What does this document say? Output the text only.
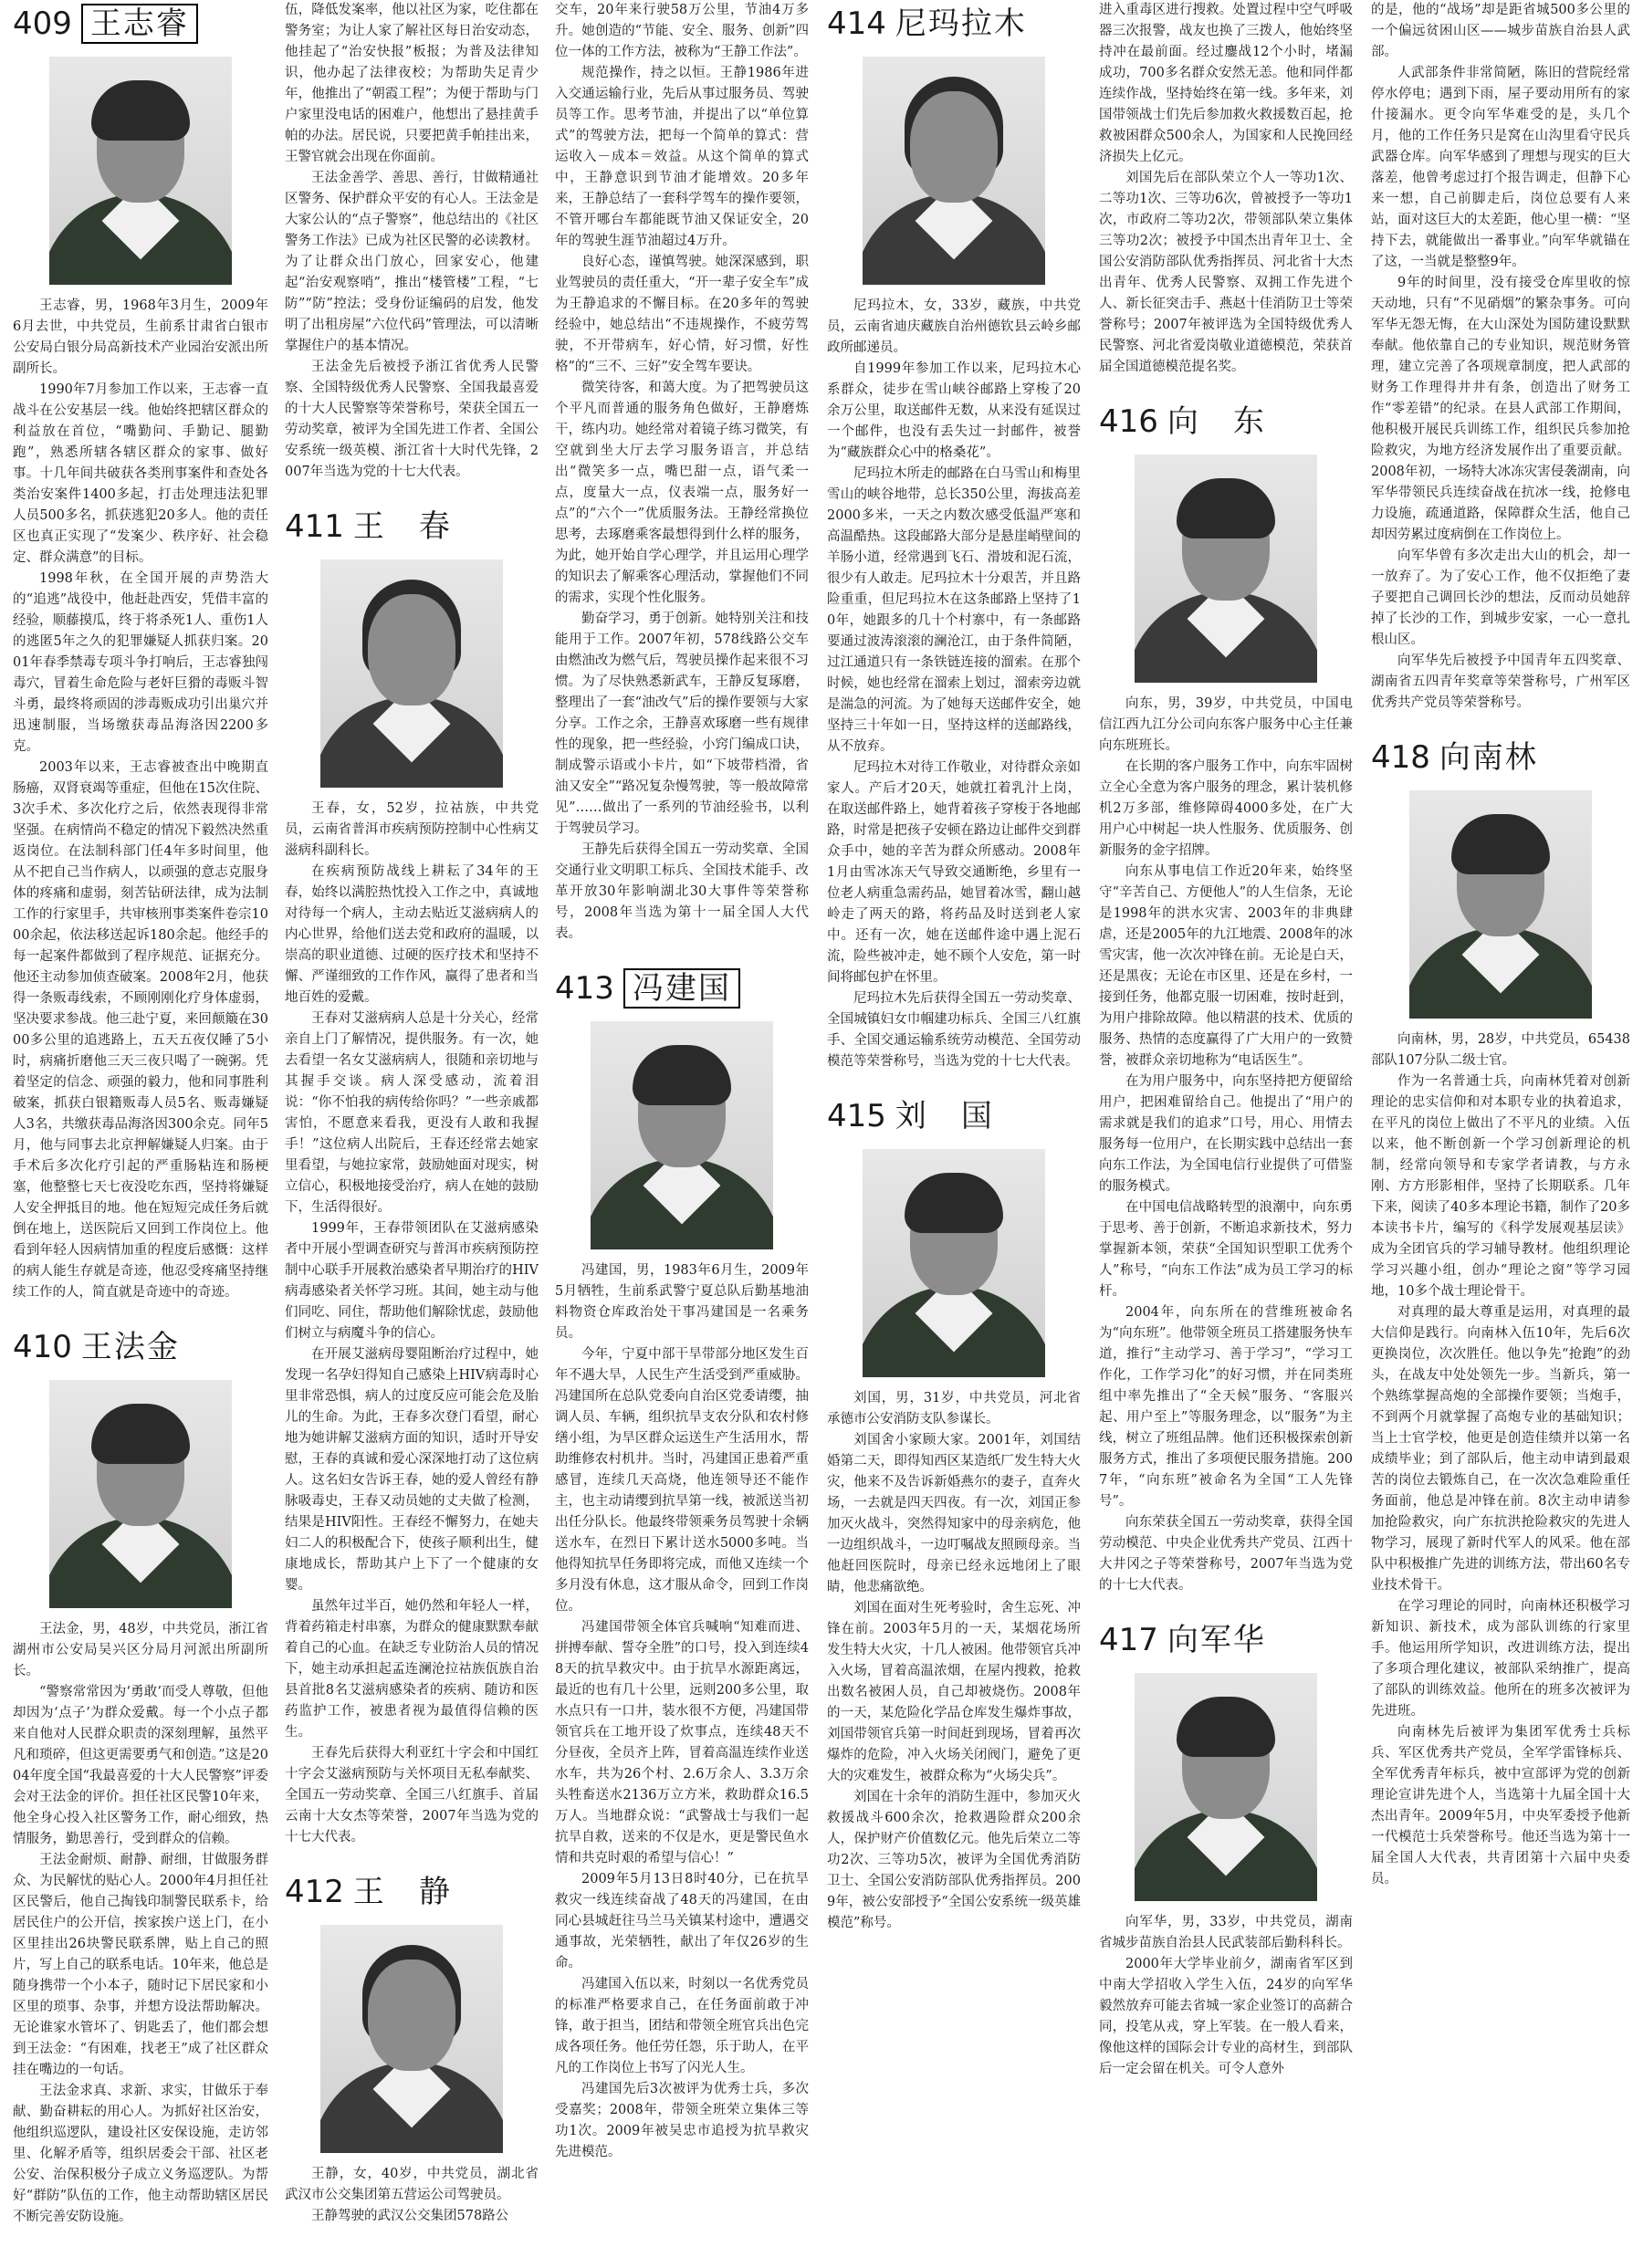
409 王志睿

王志睿，男，1968年3月生，2009年6月去世，中共党员，生前系甘肃省白银市公安局白银分局高新技术产业园治安派出所副所长。

1990年7月参加工作以来，王志睿一直战斗在公安基层一线。他始终把辖区群众的利益放在首位，“嘴勤问、手勤记、腿勤跑”，熟悉所辖各辖区群众的家事、做好事。十几年间共破获各类刑事案件和查处各类治安案件1400多起，打击处理违法犯罪人员500多名，抓获逃犯20多人。他的责任区也真正实现了“发案少、秩序好、社会稳定、群众满意”的目标。

1998年秋，在全国开展的声势浩大的“追逃”战役中，他赶赴西安，凭借丰富的经验，顺藤摸瓜，终于将杀死1人、重伤1人的逃匿5年之久的犯罪嫌疑人抓获归案。2001年春季禁毒专项斗争打响后，王志睿独闯毒穴，冒着生命危险与老奸巨猾的毒贩斗智斗勇，最终将顽固的涉毒贩成功引出巢穴并迅速制服，当场缴获毒品海洛因2200多克。

2003年以来，王志睿被查出中晚期直肠癌，双肾衰竭等重症，但他在15次住院、3次手术、多次化疗之后，依然表现得非常坚强。在病情尚不稳定的情况下毅然决然重返岗位。在法制科部门任4年多时间里，他从不把自己当作病人，以顽强的意志克服身体的疼痛和虚弱，刻苦钻研法律，成为法制工作的行家里手，共审核刑事类案件卷宗1000余起，依法移送起诉180余起。他经手的每一起案件都做到了程序规范、证据充分。他还主动参加侦查破案。2008年2月，他获得一条贩毒线索，不顾刚刚化疗身体虚弱，坚决要求参战。他三赴宁夏，来回颠簸在3000多公里的追逃路上，五天五夜仅睡了5小时，病痛折磨他三天三夜只喝了一碗粥。凭着坚定的信念、顽强的毅力，他和同事胜利破案，抓获白银籍贩毒人员5名、贩毒嫌疑人3名，共缴获毒品海洛因300余克。同年5月，他与同事去北京押解嫌疑人归案。由于手术后多次化疗引起的严重肠粘连和肠梗塞，他整整七天七夜没吃东西，坚持将嫌疑人安全押抵目的地。他在短短完成任务后就倒在地上，送医院后又回到工作岗位上。他看到年轻人因病情加重的程度后感慨：这样的病人能生存就是奇迹，他忍受疼痛坚持继续工作的人，简直就是奇迹中的奇迹。

410 王法金

王法金，男，48岁，中共党员，浙江省湖州市公安局吴兴区分局月河派出所副所长。

“警察常常因为‘勇敢’而受人尊敬，但他却因为‘点子’为群众爱戴。每一个小点子都来自他对人民群众职责的深刻理解，虽然平凡和琐碎，但这更需要勇气和创造。”这是2004年度全国“我最喜爱的十大人民警察”评委会对王法金的评价。担任社区民警10年来，他全身心投入社区警务工作，耐心细致，热情服务，勤思善行，受到群众的信赖。

王法金耐烦、耐静、耐细，甘做服务群众、为民解忧的贴心人。2000年4月担任社区民警后，他自己掏钱印制警民联系卡，给居民住户的公开信，挨家挨户送上门，在小区里挂出26块警民联系牌，贴上自己的照片，写上自己的联系电话。10年来，他总是随身携带一个小本子，随时记下居民家和小区里的琐事、杂事，并想方设法帮助解决。无论谁家水管坏了、钥匙丢了，他们都会想到王法金：“有困难，找老王”成了社区群众挂在嘴边的一句话。

王法金求真、求新、求实，甘做乐于奉献、勤奋耕耘的用心人。为抓好社区治安，他组织巡逻队，建设社区安保设施，走访邻里、化解矛盾等，组织居委会干部、社区老公安、治保积极分子成立义务巡逻队。为帮好“群防”队伍的工作，他主动帮助辖区居民不断完善安防设施。

伍，降低发案率，他以社区为家，吃住都在警务室；为让人家了解社区每日治安动态，他挂起了“治安快报”板报；为普及法律知识，他办起了法律夜校；为帮助失足青少年，他推出了“朝霞工程”；为便于帮助与门户家里没电话的困难户，他想出了悬挂黄手帕的办法。居民说，只要把黄手帕挂出来，王警官就会出现在你面前。

王法金善学、善思、善行，甘做精通社区警务、保护群众平安的有心人。王法金是大家公认的“点子警察”，他总结出的《社区警务工作法》已成为社区民警的必读教材。为了让群众出门放心，回家安心，他建起“治安观察哨”，推出“楼管楼”工程，“七防”“防”控法；受身份证编码的启发，他发明了出租房屋“六位代码”管理法，可以清晰掌握住户的基本情况。

王法金先后被授予浙江省优秀人民警察、全国特级优秀人民警察、全国我最喜爱的十大人民警察等荣誉称号，荣获全国五一劳动奖章，被评为全国先进工作者、全国公安系统一级英模、浙江省十大时代先锋，2007年当选为党的十七大代表。

411 王　春

王春，女，52岁，拉祜族，中共党员，云南省普洱市疾病预防控制中心性病艾滋病科副科长。

在疾病预防战线上耕耘了34年的王春，始终以满腔热忱投入工作之中，真诚地对待每一个病人，主动去贴近艾滋病病人的内心世界，给他们送去党和政府的温暖，以崇高的职业道德、过硬的医疗技术和坚持不懈、严谨细致的工作作风，赢得了患者和当地百姓的爱戴。

王春对艾滋病病人总是十分关心，经常亲自上门了解情况，提供服务。有一次，她去看望一名女艾滋病病人，很随和亲切地与其握手交谈。病人深受感动，流着泪说：“你不怕我的病传给你吗？”一些亲戚都害怕，不愿意来看我，更没有人敢和我握手！”这位病人出院后，王春还经常去她家里看望，与她拉家常，鼓励她面对现实，树立信心，积极地接受治疗，病人在她的鼓励下，生活得很好。

1999年，王春带领团队在艾滋病感染者中开展小型调查研究与普洱市疾病预防控制中心联手开展救治感染者早期治疗的HIV病毒感染者关怀学习班。其间，她主动与他们同吃、同住，帮助他们解除忧虑，鼓励他们树立与病魔斗争的信心。

在开展艾滋病母婴阻断治疗过程中，她发现一名孕妇得知自己感染上HIV病毒时心里非常恐惧，病人的过度反应可能会危及胎儿的生命。为此，王春多次登门看望，耐心地为她讲解艾滋病方面的知识，适时开导安慰，王春的真诚和爱心深深地打动了这位病人。这名妇女告诉王春，她的爱人曾经有静脉吸毒史，王春又动员她的丈夫做了检测，结果是HIV阳性。王春经不懈努力，在她夫妇二人的积极配合下，使孩子顺利出生，健康地成长，帮助其户上下了一个健康的女婴。

虽然年过半百，她仍然和年轻人一样，背着药箱走村串寨，为群众的健康默默奉献着自己的心血。在缺乏专业防治人员的情况下，她主动承担起孟连澜沧拉祜族佤族自治县首批8名艾滋病感染者的疾病、随访和医药监护工作，被患者视为最值得信赖的医生。

王春先后获得大利亚红十字会和中国红十字会艾滋病预防与关怀项目无私奉献奖、全国五一劳动奖章、全国三八红旗手、首届云南十大女杰等荣誉，2007年当选为党的十七大代表。

412 王　静

王静，女，40岁，中共党员，湖北省武汉市公交集团第五营运公司驾驶员。

王静驾驶的武汉公交集团578路公

交车，20年来行驶58万公里，节油4万多升。她创造的“节能、安全、服务、创新”四位一体的工作方法，被称为“王静工作法”。

规范操作，持之以恒。王静1986年进入交通运输行业，先后从事过服务员、驾驶员等工作。思考节油，并提出了以“单位算式”的驾驶方法，把每一个简单的算式：营运收入－成本＝效益。从这个简单的算式中，王静意识到节油才能增效。20多年来，王静总结了一套科学驾车的操作要领，不管开哪台车都能既节油又保证安全，20年的驾驶生涯节油超过4万升。

良好心态，谨慎驾驶。她深深感到，职业驾驶员的责任重大，“开一辈子安全车”成为王静追求的不懈目标。在20多年的驾驶经验中，她总结出“不违规操作，不疲劳驾驶，不开带病车，好心情，好习惯，好性格”的“三不、三好”安全驾车要诀。

微笑待客，和蔼大度。为了把驾驶员这个平凡而普通的服务角色做好，王静磨炼干，练内功。她经常对着镜子练习微笑，有空就到坐大厅去学习服务语言，并总结出“微笑多一点，嘴巴甜一点，语气柔一点，度量大一点，仪表端一点，服务好一点”的“六个一”优质服务法。王静经常换位思考，去琢磨乘客最想得到什么样的服务，为此，她开始自学心理学，并且运用心理学的知识去了解乘客心理活动，掌握他们不同的需求，实现个性化服务。

勤奋学习，勇于创新。她特别关注和技能用于工作。2007年初，578线路公交车由燃油改为燃气后，驾驶员操作起来很不习惯。为了尽快熟悉新武车，王静反复琢磨，整理出了一套“油改气”后的操作要领与大家分享。工作之余，王静喜欢琢磨一些有规律性的现象，把一些经验，小窍门编成口诀，制成警示语或小卡片，如“下坡带档滑，省油又安全”“路况复杂慢驾驶，等一般故障常见”……做出了一系列的节油经验书，以利于驾驶员学习。

王静先后获得全国五一劳动奖章、全国交通行业文明职工标兵、全国技术能手、改革开放30年影响湖北30大事件等荣誉称号，2008年当选为第十一届全国人大代表。

413 冯建国

冯建国，男，1983年6月生，2009年5月牺牲，生前系武警宁夏总队后勤基地油料物资仓库政治处干事冯建国是一名乘务员。

今年，宁夏中部干旱带部分地区发生百年不遇大旱，人民生产生活受到严重威胁。冯建国所在总队党委向自治区党委请缨，抽调人员、车辆，组织抗旱支农分队和农村修缮小组，为旱区群众运送生产生活用水，帮助维修农村机井。当时，冯建国正患着严重感冒，连续几天高烧，他连领导还不能作主，也主动请缨到抗旱第一线，被派送当初出任分队长。他最终带领乘务员驾驶十余辆送水车，在烈日下累计送水5000多吨。当他得知抗旱任务即将完成，而他又连续一个多月没有休息，这才服从命令，回到工作岗位。

冯建国带领全体官兵喊响“知难而进、拼搏奉献、誓夺全胜”的口号，投入到连续48天的抗旱救灾中。由于抗旱水源距离远，最近的也有几十公里，远则200多公里，取水点只有一口井，装水很不方便，冯建国带领官兵在工地开设了炊事点，连续48天不分昼夜，全员齐上阵，冒着高温连续作业送水车，共为26个村、2.6万余人、3.3万余头牲畜送水2136万立方米，救助群众16.5万人。当地群众说：“武警战士与我们一起抗旱自救，送来的不仅是水，更是警民鱼水情和共克时艰的希望与信心！”

2009年5月13日8时40分，已在抗旱救灾一线连续奋战了48天的冯建国，在由同心县城赶往马兰马关镇某村途中，遭遇交通事故，光荣牺牲，献出了年仅26岁的生命。

冯建国入伍以来，时刻以一名优秀党员的标准严格要求自己，在任务面前敢于冲锋，敢于担当，团结和带领全班官兵出色完成各项任务。他任劳任怨，乐于助人，在平凡的工作岗位上书写了闪光人生。

冯建国先后3次被评为优秀士兵，多次受嘉奖；2008年，带领全班荣立集体三等功1次。2009年被吴忠市追授为抗旱救灾先进模范。

414 尼玛拉木

尼玛拉木，女，33岁，藏族，中共党员，云南省迪庆藏族自治州德钦县云岭乡邮政所邮递员。

自1999年参加工作以来，尼玛拉木心系群众，徒步在雪山峡谷邮路上穿梭了20余万公里，取送邮件无数，从来没有延误过一个邮件，也没有丢失过一封邮件，被誉为“藏族群众心中的格桑花”。

尼玛拉木所走的邮路在白马雪山和梅里雪山的峡谷地带，总长350公里，海拔高差2000多米，一天之内数次感受低温严寒和高温酷热。这段邮路大部分是悬崖峭壁间的羊肠小道，经常遇到飞石、滑坡和泥石流，很少有人敢走。尼玛拉木十分艰苦，并且路险重重，但尼玛拉木在这条邮路上坚持了10年，她跟多的几十个村寨中，有一条邮路要通过波涛滚滚的澜沧江，由于条件简陋，过江通道只有一条铁链连接的溜索。在那个时候，她也经常在溜索上划过，溜索旁边就是湍急的河流。为了她每天送邮件安全，她坚持三十年如一日，坚持这样的送邮路线，从不放弃。

尼玛拉木对待工作敬业，对待群众亲如家人。产后才20天，她就扛着乳汁上岗，在取送邮件路上，她背着孩子穿梭于各地邮路，时常是把孩子安顿在路边让邮件交到群众手中，她的辛苦为群众所感动。2008年1月由雪冰冻天气导致交通断绝，乡里有一位老人病重急需药品，她冒着冰雪，翻山越岭走了两天的路，将药品及时送到老人家中。还有一次，她在送邮件途中遇上泥石流，险些被冲走，她不顾个人安危，第一时间将邮包护在怀里。

尼玛拉木先后获得全国五一劳动奖章、全国城镇妇女巾帼建功标兵、全国三八红旗手、全国交通运输系统劳动模范、全国劳动模范等荣誉称号，当选为党的十七大代表。

415 刘　国

刘国，男，31岁，中共党员，河北省承德市公安消防支队参谋长。

刘国舍小家顾大家。2001年，刘国结婚第二天，即得知西区某造纸厂发生特大火灾，他来不及告诉新婚燕尔的妻子，直奔火场，一去就是四天四夜。有一次，刘国正参加灭火战斗，突然得知家中的母亲病危，他一边组织战斗，一边叮嘱战友照顾母亲。当他赶回医院时，母亲已经永远地闭上了眼睛，他悲痛欲绝。

刘国在面对生死考验时，舍生忘死、冲锋在前。2003年5月的一天，某烟花场所发生特大火灾，十几人被困。他带领官兵冲入火场，冒着高温浓烟，在屋内搜救，抢救出数名被困人员，自己却被烧伤。2008年的一天，某危险化学品仓库发生爆炸事故，刘国带领官兵第一时间赶到现场，冒着再次爆炸的危险，冲入火场关闭阀门，避免了更大的灾难发生，被群众称为“火场尖兵”。

刘国在十余年的消防生涯中，参加灭火救援战斗600余次，抢救遇险群众200余人，保护财产价值数亿元。他先后荣立二等功2次、三等功5次，被评为全国优秀消防卫士、全国公安消防部队优秀指挥员。2009年，被公安部授予“全国公安系统一级英雄模范”称号。

进入重毒区进行搜救。处置过程中空气呼吸器三次报警，战友也换了三拨人，他始终坚持冲在最前面。经过鏖战12个小时，堵漏成功，700多名群众安然无恙。他和同伴都连续作战，坚持始终在第一线。多年来，刘国带领战士们先后参加救火救援数百起，抢救被困群众500余人，为国家和人民挽回经济损失上亿元。

刘国先后在部队荣立个人一等功1次、二等功1次、三等功6次，曾被授予一等功1次，市政府二等功2次，带领部队荣立集体三等功2次；被授予中国杰出青年卫士、全国公安消防部队优秀指挥员、河北省十大杰出青年、优秀人民警察、双拥工作先进个人、新长征突击手、燕赵十佳消防卫士等荣誉称号；2007年被评选为全国特级优秀人民警察、河北省爱岗敬业道德模范，荣获首届全国道德模范提名奖。

416 向　东

向东，男，39岁，中共党员，中国电信江西九江分公司向东客户服务中心主任兼向东班班长。

在长期的客户服务工作中，向东牢固树立全心全意为客户服务的理念，累计装机修机2万多部，维修障碍4000多处，在广大用户心中树起一块人性服务、优质服务、创新服务的金字招牌。

向东从事电信工作近20年来，始终坚守“辛苦自己、方便他人”的人生信条，无论是1998年的洪水灾害、2003年的非典肆虐，还是2005年的九江地震、2008年的冰雪灾害，他一次次冲锋在前。无论是白天，还是黑夜；无论在市区里、还是在乡村，一接到任务，他都克服一切困难，按时赶到，为用户排除故障。他以精湛的技术、优质的服务、热情的态度赢得了广大用户的一致赞誉，被群众亲切地称为“电话医生”。

在为用户服务中，向东坚持把方便留给用户，把困难留给自己。他提出了“用户的需求就是我们的追求”口号，用心、用情去服务每一位用户，在长期实践中总结出一套向东工作法，为全国电信行业提供了可借鉴的服务模式。

在中国电信战略转型的浪潮中，向东勇于思考、善于创新，不断追求新技术，努力掌握新本领，荣获“全国知识型职工优秀个人”称号，“向东工作法”成为员工学习的标杆。

2004年，向东所在的营维班被命名为“向东班”。他带领全班员工搭建服务快车道，推行“主动学习、善于学习”，“学习工作化，工作学习化”的好习惯，并在同类班组中率先推出了“全天候”服务、“客服兴起、用户至上”等服务理念，以“服务”为主线，树立了班组品牌。他们还积极探索创新服务方式，推出了多项便民服务措施。2007年，“向东班”被命名为全国“工人先锋号”。

向东荣获全国五一劳动奖章，获得全国劳动模范、中央企业优秀共产党员、江西十大井冈之子等荣誉称号，2007年当选为党的十七大代表。

417 向军华

向军华，男，33岁，中共党员，湖南省城步苗族自治县人民武装部后勤科科长。

2000年大学毕业前夕，湖南省军区到中南大学招收入学生入伍，24岁的向军华毅然放弃可能去省城一家企业签订的高薪合同，投笔从戎，穿上军装。在一般人看来，像他这样的国际会计专业的高材生，到部队后一定会留在机关。可令人意外

的是，他的“战场”却是距省城500多公里的一个偏远贫困山区——城步苗族自治县人武部。

人武部条件非常简陋，陈旧的营院经常停水停电；遇到下雨，屋子要动用所有的家什接漏水。更令向军华难受的是，头几个月，他的工作任务只是窝在山沟里看守民兵武器仓库。向军华感到了理想与现实的巨大落差，他曾考虑过打个报告调走，但静下心来一想，自己前脚走后，岗位总要有人来站，面对这巨大的太差距，他心里一横：“坚持下去，就能做出一番事业。”向军华就锚在了这，一当就是整整9年。

9年的时间里，没有接受仓库里收的惊天动地，只有“不见硝烟”的繁杂事务。可向军华无怨无悔，在大山深处为国防建设默默奉献。他依靠自己的专业知识，规范财务管理，建立完善了各项规章制度，把人武部的财务工作理得井井有条，创造出了财务工作“零差错”的纪录。在县人武部工作期间，他积极开展民兵训练工作，组织民兵参加抢险救灾，为地方经济发展作出了重要贡献。2008年初，一场特大冰冻灾害侵袭湖南，向军华带领民兵连续奋战在抗冰一线，抢修电力设施，疏通道路，保障群众生活，他自己却因劳累过度病倒在工作岗位上。

向军华曾有多次走出大山的机会，却一一放弃了。为了安心工作，他不仅拒绝了妻子要把自己调回长沙的想法，反而动员她辞掉了长沙的工作，到城步安家，一心一意扎根山区。

向军华先后被授予中国青年五四奖章、湖南省五四青年奖章等荣誉称号，广州军区优秀共产党员等荣誉称号。

418 向南林

向南林，男，28岁，中共党员，65438部队107分队二级士官。

作为一名普通士兵，向南林凭着对创新理论的忠实信仰和对本职专业的执着追求，在平凡的岗位上做出了不平凡的业绩。入伍以来，他不断创新一个学习创新理论的机制，经常向领导和专家学者请教，与方永刚、方方形影相伴，坚持了长期联系。几年下来，阅读了40多本理论书籍，制作了20多本读书卡片，编写的《科学发展观基层读》成为全团官兵的学习辅导教材。他组织理论学习兴趣小组，创办“理论之窗”等学习园地，10多个战士理论骨干。

对真理的最大尊重是运用，对真理的最大信仰是践行。向南林入伍10年，先后6次更换岗位，次次胜任。他以争先“抢跑”的劲头，在战友中处处领先一步。当新兵，第一个熟练掌握高炮的全部操作要领；当炮手，不到两个月就掌握了高炮专业的基础知识；当上士官学校，他更是创造佳绩并以第一名成绩毕业；到了部队后，他主动申请到最艰苦的岗位去锻炼自己，在一次次急难险重任务面前，他总是冲锋在前。8次主动申请参加抢险救灾，向广东抗洪抢险救灾的先进人物学习，展现了新时代军人的风采。他在部队中积极推广先进的训练方法，带出60名专业技术骨干。

在学习理论的同时，向南林还积极学习新知识、新技术，成为部队训练的行家里手。他运用所学知识，改进训练方法，提出了多项合理化建议，被部队采纳推广，提高了部队的训练效益。他所在的班多次被评为先进班。

向南林先后被评为集团军优秀士兵标兵、军区优秀共产党员，全军学雷锋标兵、全军优秀青年标兵，被中宣部评为党的创新理论宣讲先进个人，当选第十九届全国十大杰出青年。2009年5月，中央军委授予他新一代模范士兵荣誉称号。他还当选为第十一届全国人大代表，共青团第十六届中央委员。
